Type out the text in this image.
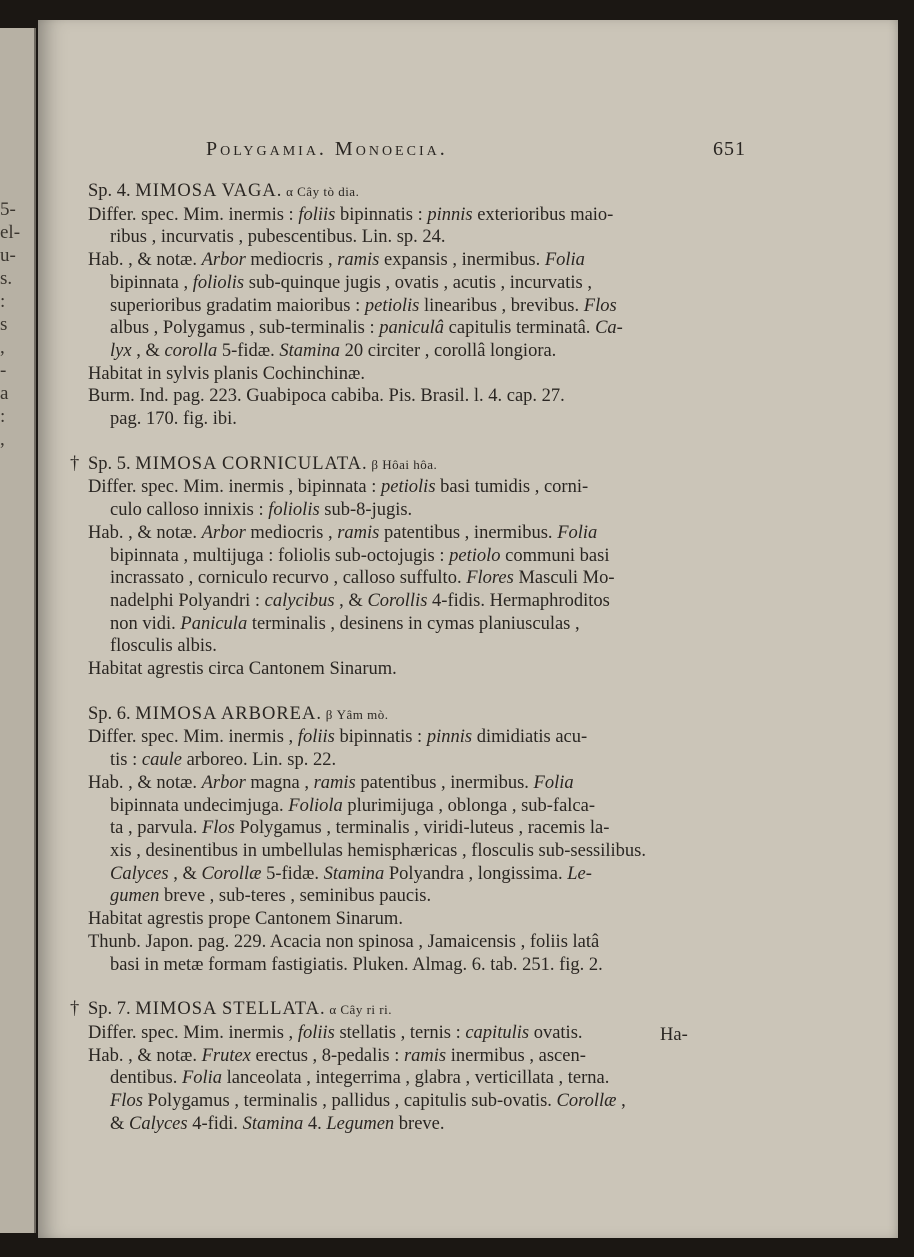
5-
el-
u-
s.
:
s
,
-
a
:
,
Polygamia. Monoecia.	651
Sp. 4. MIMOSA VAGA. α Cây tò dia.
Differ. spec. Mim. inermis : foliis bipinnatis : pinnis exterioribus maio-
ribus , incurvatis , pubescentibus. Lin. sp. 24.
Hab. , & notæ. Arbor mediocris , ramis expansis , inermibus. Folia
bipinnata , foliolis sub-quinque jugis , ovatis , acutis , incurvatis ,
superioribus gradatim maioribus : petiolis linearibus , brevibus. Flos
albus , Polygamus , sub-terminalis : paniculâ capitulis terminatâ. Ca-
lyx , & corolla 5-fidæ. Stamina 20 circiter , corollâ longiora.
Habitat in sylvis planis Cochinchinæ.
Burm. Ind. pag. 223. Guabipoca cabiba. Pis. Brasil. l. 4. cap. 27.
pag. 170. fig. ibi.
† Sp. 5. MIMOSA CORNICULATA. β Hôai hôa.
Differ. spec. Mim. inermis , bipinnata : petiolis basi tumidis , corni-
culo calloso innixis : foliolis sub-8-jugis.
Hab. , & notæ. Arbor mediocris , ramis patentibus , inermibus. Folia
bipinnata , multijuga : foliolis sub-octojugis : petiolo communi basi
incrassato , corniculo recurvo , calloso suffulto. Flores Masculi Mo-
nadelphi Polyandri : calycibus , & Corollis 4-fidis. Hermaphroditos
non vidi. Panicula terminalis , desinens in cymas planiusculas ,
flosculis albis.
Habitat agrestis circa Cantonem Sinarum.
Sp. 6. MIMOSA ARBOREA. β Yâm mò.
Differ. spec. Mim. inermis , foliis bipinnatis : pinnis dimidiatis acu-
tis : caule arboreo. Lin. sp. 22.
Hab. , & notæ. Arbor magna , ramis patentibus , inermibus. Folia
bipinnata undecimjuga. Foliola plurimijuga , oblonga , sub-falca-
ta , parvula. Flos Polygamus , terminalis , viridi-luteus , racemis la-
xis , desinentibus in umbellulas hemisphæricas , flosculis sub-sessilibus.
Calyces , & Corollæ 5-fidæ. Stamina Polyandra , longissima. Le-
gumen breve , sub-teres , seminibus paucis.
Habitat agrestis prope Cantonem Sinarum.
Thunb. Japon. pag. 229. Acacia non spinosa , Jamaicensis , foliis latâ
basi in metæ formam fastigiatis. Pluken. Almag. 6. tab. 251. fig. 2.
† Sp. 7. MIMOSA STELLATA. α Cây ri ri.
Differ. spec. Mim. inermis , foliis stellatis , ternis : capitulis ovatis.
Hab. , & notæ. Frutex erectus , 8-pedalis : ramis inermibus , ascen-
dentibus. Folia lanceolata , integerrima , glabra , verticillata , terna.
Flos Polygamus , terminalis , pallidus , capitulis sub-ovatis. Corollæ ,
& Calyces 4-fidi. Stamina 4. Legumen breve.
Ha-
